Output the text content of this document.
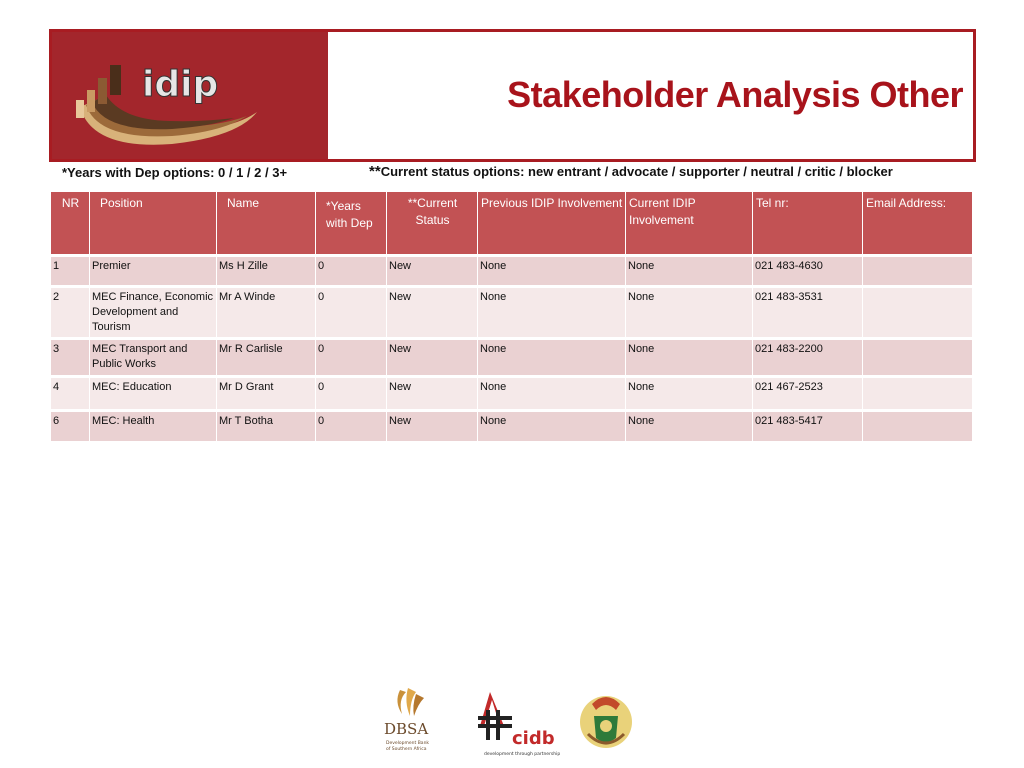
idip	Stakeholder Analysis Other
*Years with Dep options: 0 / 1 / 2 / 3+	**Current status options: new entrant / advocate / supporter / neutral / critic / blocker
NR	Position	Name	*Years with Dep	**Current Status	Previous IDIP Involvement	Current IDIP Involvement	Tel nr:	Email Address:
1	Premier	Ms H Zille	0	New	None	None	021 483-4630	
2	MEC Finance, Economic Development and Tourism	Mr A Winde	0	New	None	None	021 483-3531	
3	MEC Transport and Public Works	Mr R Carlisle	0	New	None	None	021 483-2200	
4	MEC: Education	Mr D Grant	0	New	None	None	021 467-2523	
6	MEC: Health	Mr T Botha	0	New	None	None	021 483-5417	
DBSA
Development Bank
of Southern Africa
cidb
development through partnership
